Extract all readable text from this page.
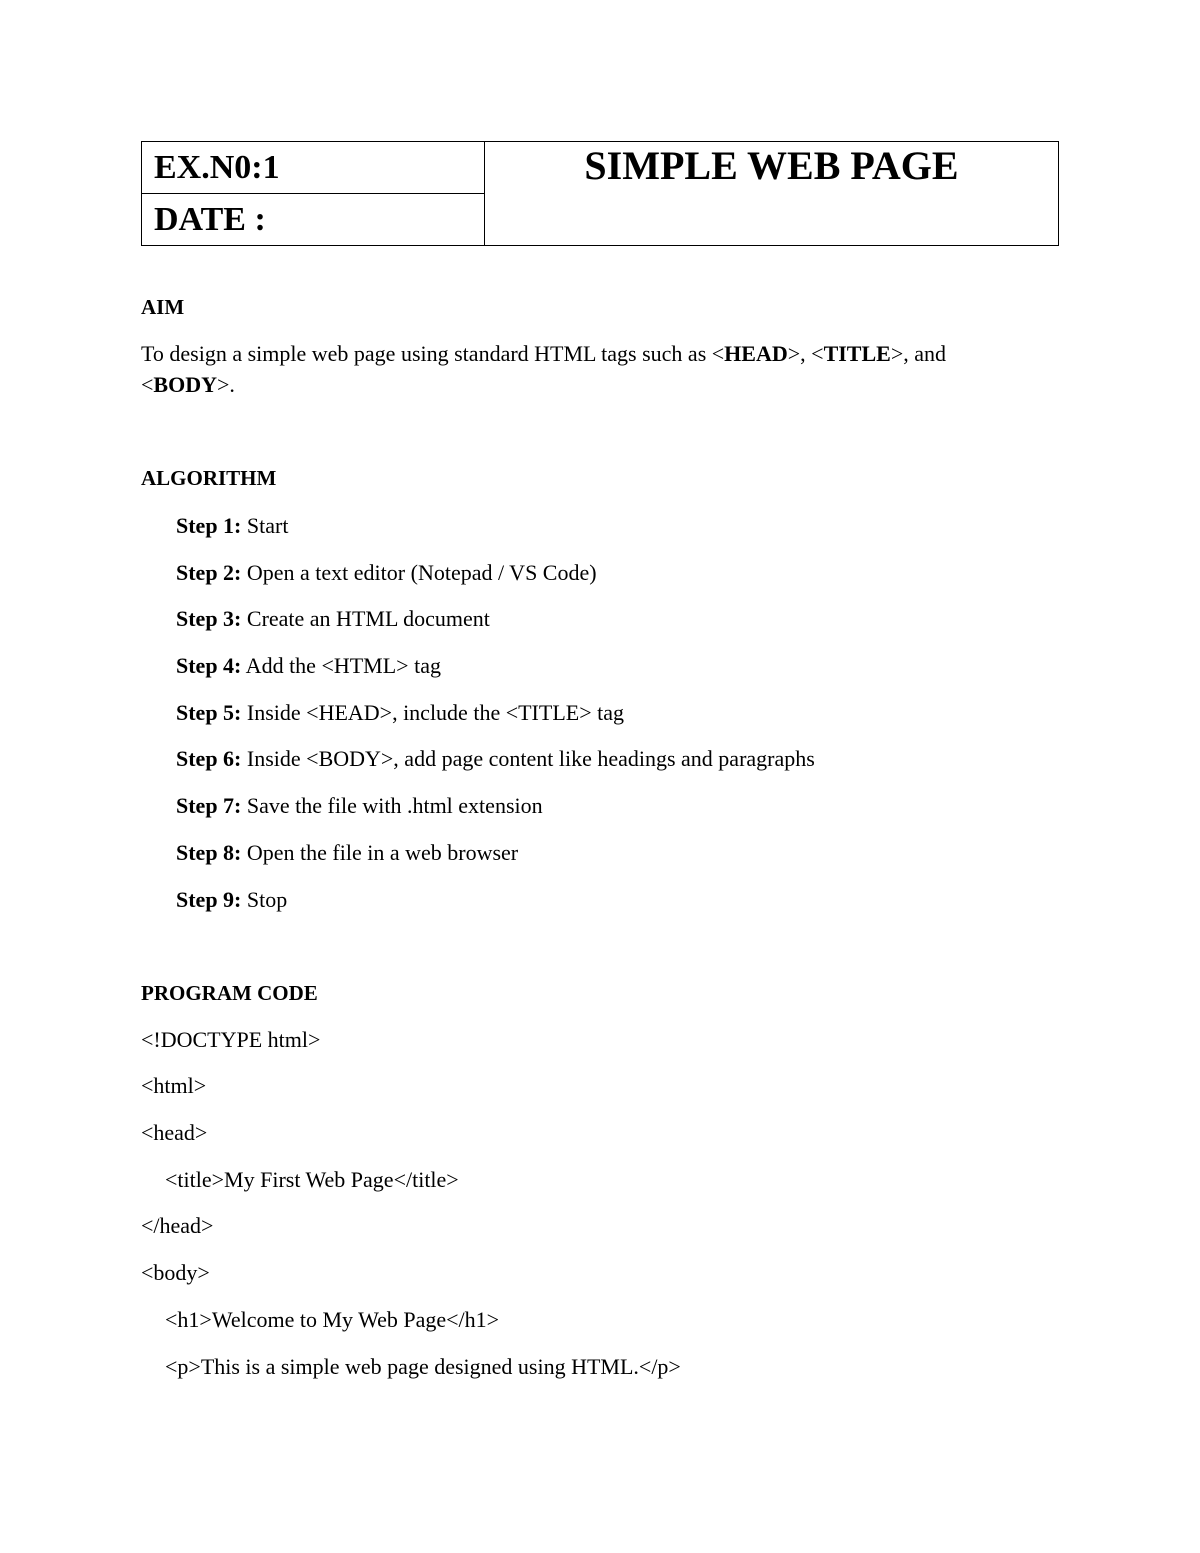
EX.N0:1	SIMPLE WEB PAGE
DATE :
AIM
To design a simple web page using standard HTML tags such as <HEAD>, <TITLE>, and
<BODY>.
ALGORITHM
Step 1: Start
Step 2: Open a text editor (Notepad / VS Code)
Step 3: Create an HTML document
Step 4: Add the <HTML> tag
Step 5: Inside <HEAD>, include the <TITLE> tag
Step 6: Inside <BODY>, add page content like headings and paragraphs
Step 7: Save the file with .html extension
Step 8: Open the file in a web browser
Step 9: Stop
PROGRAM CODE
<!DOCTYPE html>
<html>
<head>
<title>My First Web Page</title>
</head>
<body>
<h1>Welcome to My Web Page</h1>
<p>This is a simple web page designed using HTML.</p>
